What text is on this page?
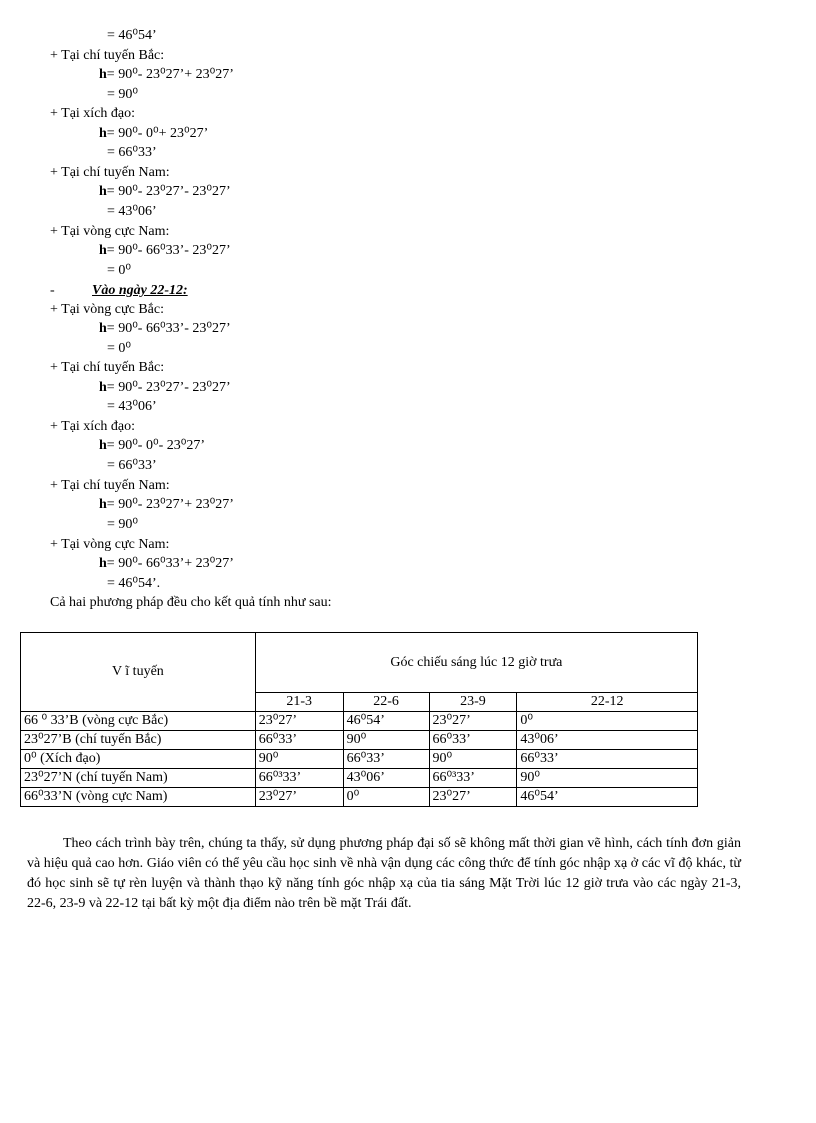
= 46⁰54’
+ Tại chí tuyến Bắc:
h= 90⁰- 23⁰27’+ 23⁰27’
= 90⁰
+ Tại xích đạo:
h= 90⁰- 0⁰+ 23⁰27’
= 66⁰33’
+ Tại chí tuyến Nam:
h= 90⁰- 23⁰27’- 23⁰27’
= 43⁰06’
+ Tại vòng cực Nam:
h= 90⁰- 66⁰33’- 23⁰27’
= 0⁰
-	Vào ngày 22-12:
+ Tại vòng cực Bắc:
h= 90⁰- 66⁰33’- 23⁰27’
= 0⁰
+ Tại chí tuyến Bắc:
h= 90⁰- 23⁰27’- 23⁰27’
= 43⁰06’
+ Tại xích đạo:
h= 90⁰- 0⁰- 23⁰27’
= 66⁰33’
+ Tại chí tuyến Nam:
h= 90⁰- 23⁰27’+ 23⁰27’
= 90⁰
+ Tại vòng cực Nam:
h= 90⁰- 66⁰33’+ 23⁰27’
= 46⁰54’.
Cả hai phương pháp đều cho kết quả tính như sau:
V ĩ tuyến	Góc chiếu sáng lúc 12 giờ trưa			
	21-3	22-6	23-9	22-12
66 ⁰ 33’B (vòng cực Bắc)	23⁰27’	46⁰54’	23⁰27’	0⁰
23⁰27’B (chí tuyến Bắc)	66⁰33’	90⁰	66⁰33’	43⁰06’
0⁰ (Xích đạo)	90⁰	66⁰33’	90⁰	66⁰33’
23⁰27’N (chí tuyến Nam)	66⁰³33’	43⁰06’	66⁰³33’	90⁰
66⁰33’N (vòng cực Nam)	23⁰27’	0⁰	23⁰27’	46⁰54’

Theo cách trình bày trên, chúng ta thấy, sử dụng phương pháp đại số sẽ không mất thời gian vẽ hình, cách tính đơn giản và hiệu quả cao hơn. Giáo viên có thể yêu cầu học sinh về nhà vận dụng các công thức để tính góc nhập xạ ở các vĩ độ khác, từ đó học sinh sẽ tự rèn luyện và thành thạo kỹ năng tính góc nhập xạ của tia sáng Mặt Trời lúc 12 giờ trưa vào các ngày 21-3, 22-6, 23-9 và 22-12 tại bất kỳ một địa điểm nào trên bề mặt Trái đất.
